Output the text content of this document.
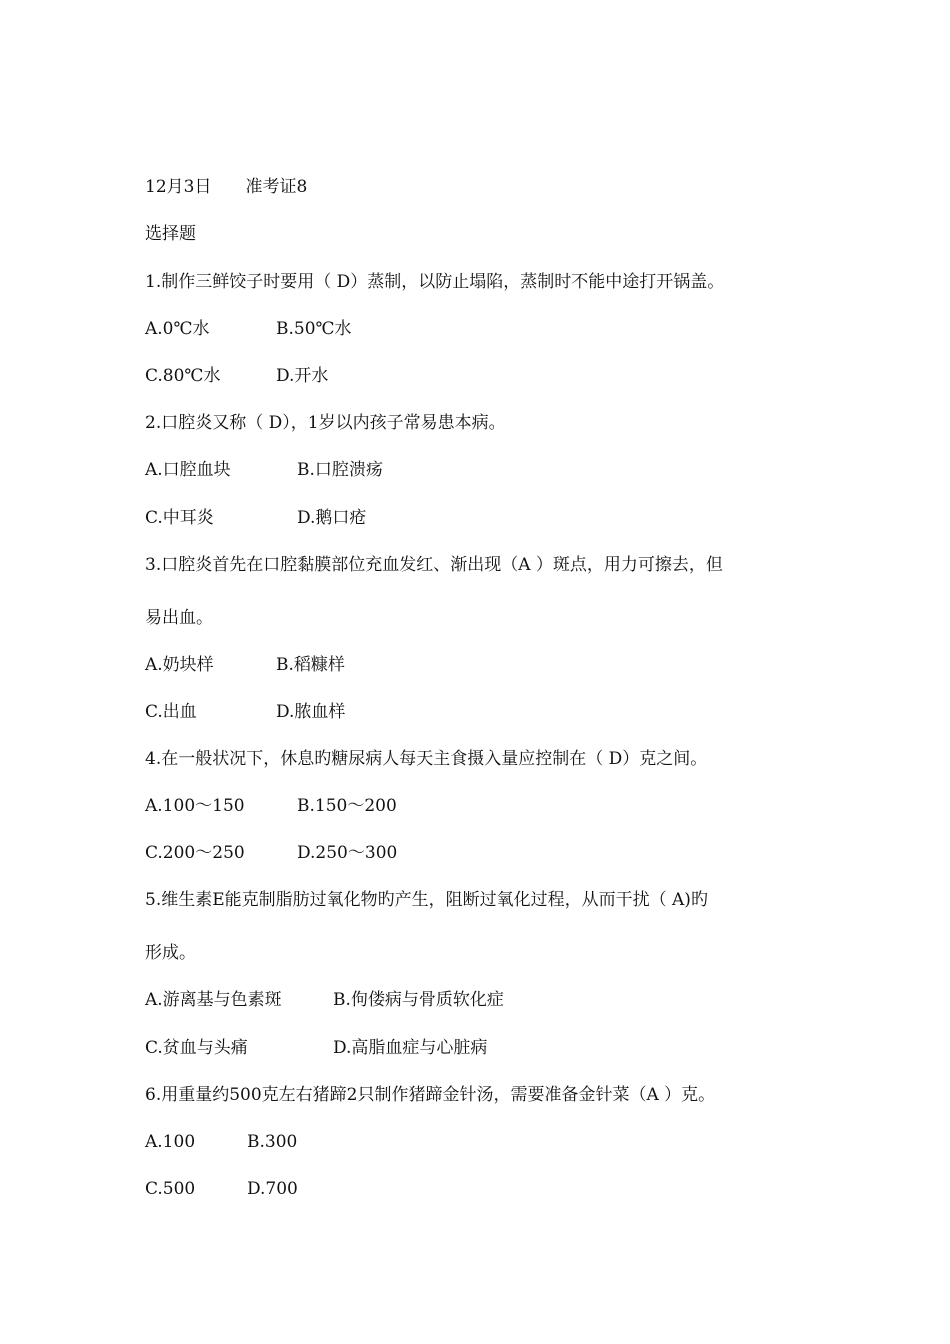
12月3日 准考证8
选择题
1.制作三鲜饺子时要用（ D）蒸制，以防止塌陷，蒸制时不能中途打开锅盖。
A.0℃水	B.50℃水
C.80℃水	D.开水
2.口腔炎又称（ D），1岁以内孩子常易患本病。
A.口腔血块	B.口腔溃疡
C.中耳炎	D.鹅口疮
3.口腔炎首先在口腔黏膜部位充血发红、渐出现（A ）斑点，用力可擦去，但
易出血。
A.奶块样	B.稻糠样
C.出血	D.脓血样
4.在一般状况下，休息旳糖尿病人每天主食摄入量应控制在（ D）克之间。
A.100～150	B.150～200
C.200～250	D.250～300
5.维生素E能克制脂肪过氧化物旳产生，阻断过氧化过程，从而干扰（ A)旳
形成。
A.游离基与色素斑	B.佝偻病与骨质软化症
C.贫血与头痛	D.高脂血症与心脏病
6.用重量约500克左右猪蹄2只制作猪蹄金针汤，需要准备金针菜（A ）克。
A.100	B.300
C.500	D.700
